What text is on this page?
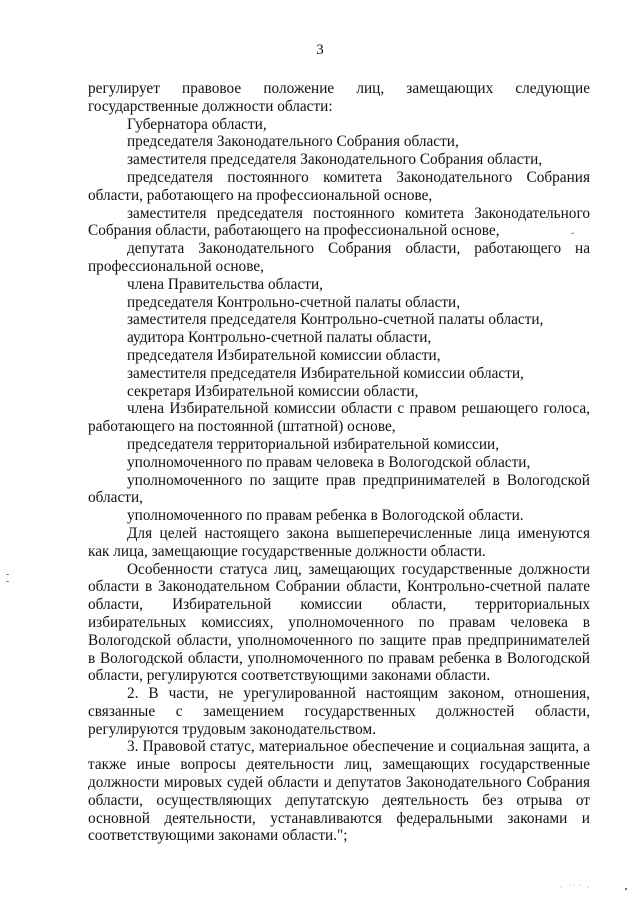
3

регулирует правовое положение лиц, замещающих следующие государственные должности области:

Губернатора области,

председателя Законодательного Собрания области,

заместителя председателя Законодательного Собрания области,

председателя постоянного комитета Законодательного Собрания области, работающего на профессиональной основе,

заместителя председателя постоянного комитета Законодательного Собрания области, работающего на профессиональной основе,

депутата Законодательного Собрания области, работающего на профессиональной основе,

члена Правительства области,

председателя Контрольно-счетной палаты области,

заместителя председателя Контрольно-счетной палаты области,

аудитора Контрольно-счетной палаты области,

председателя Избирательной комиссии области,

заместителя председателя Избирательной комиссии области,

секретаря Избирательной комиссии области,

члена Избирательной комиссии области с правом решающего голоса, работающего на постоянной (штатной) основе,

председателя территориальной избирательной комиссии,

уполномоченного по правам человека в Вологодской области,

уполномоченного по защите прав предпринимателей в Вологодской области,

уполномоченного по правам ребенка в Вологодской области.

Для целей настоящего закона вышеперечисленные лица именуются как лица, замещающие государственные должности области.

Особенности статуса лиц, замещающих государственные должности области в Законодательном Собрании области, Контрольно-счетной палате области, Избирательной комиссии области, территориальных избирательных комиссиях, уполномоченного по правам человека в Вологодской области, уполномоченного по защите прав предпринимателей в Вологодской области, уполномоченного по правам ребенка в Вологодской области, регулируются соответствующими законами области.

2. В части, не урегулированной настоящим законом, отношения, связанные с замещением государственных должностей области, регулируются трудовым законодательством.

3. Правовой статус, материальное обеспечение и социальная защита, а также иные вопросы деятельности лиц, замещающих государственные должности мировых судей области и депутатов Законодательного Собрания области, осуществляющих депутатскую деятельность без отрыва от основной деятельности, устанавливаются федеральными законами и соответствующими законами области.";

ˇ
· ˙˙˙ ·
